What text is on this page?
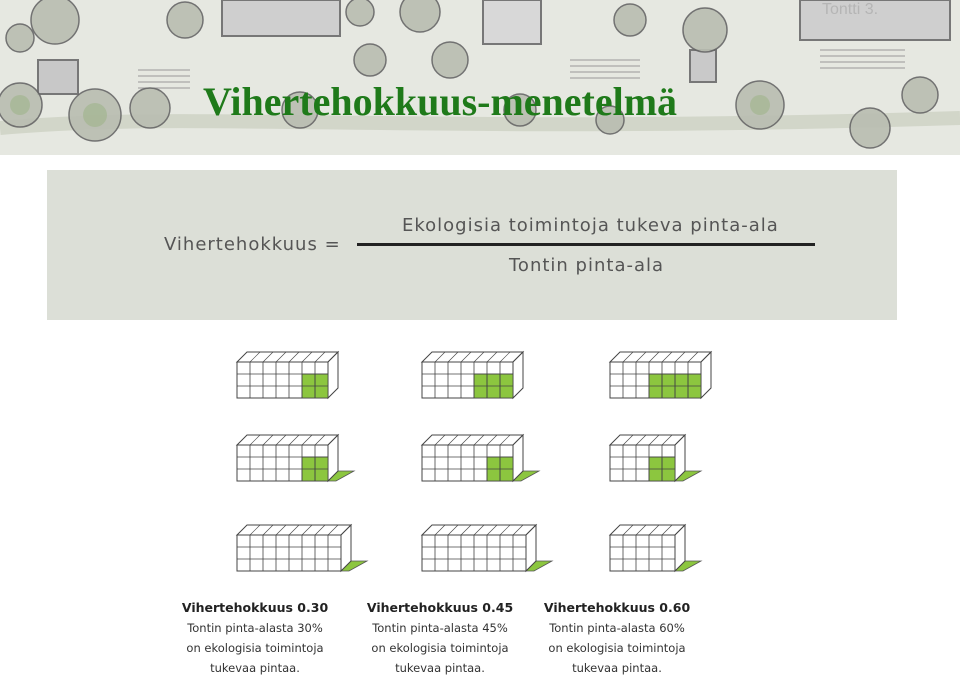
Tontti 3.
Vihertehokkuus-menetelmä
Vihertehokkuus =
Ekologisia toimintoja tukeva pinta-ala
Tontin pinta-ala
Vihertehokkuus 0.30
Tontin pinta-alasta 30%
on ekologisia toimintoja
tukevaa pintaa.
Vihertehokkuus 0.45
Tontin pinta-alasta 45%
on ekologisia toimintoja
tukevaa pintaa.
Vihertehokkuus 0.60
Tontin pinta-alasta 60%
on ekologisia toimintoja
tukevaa pintaa.
